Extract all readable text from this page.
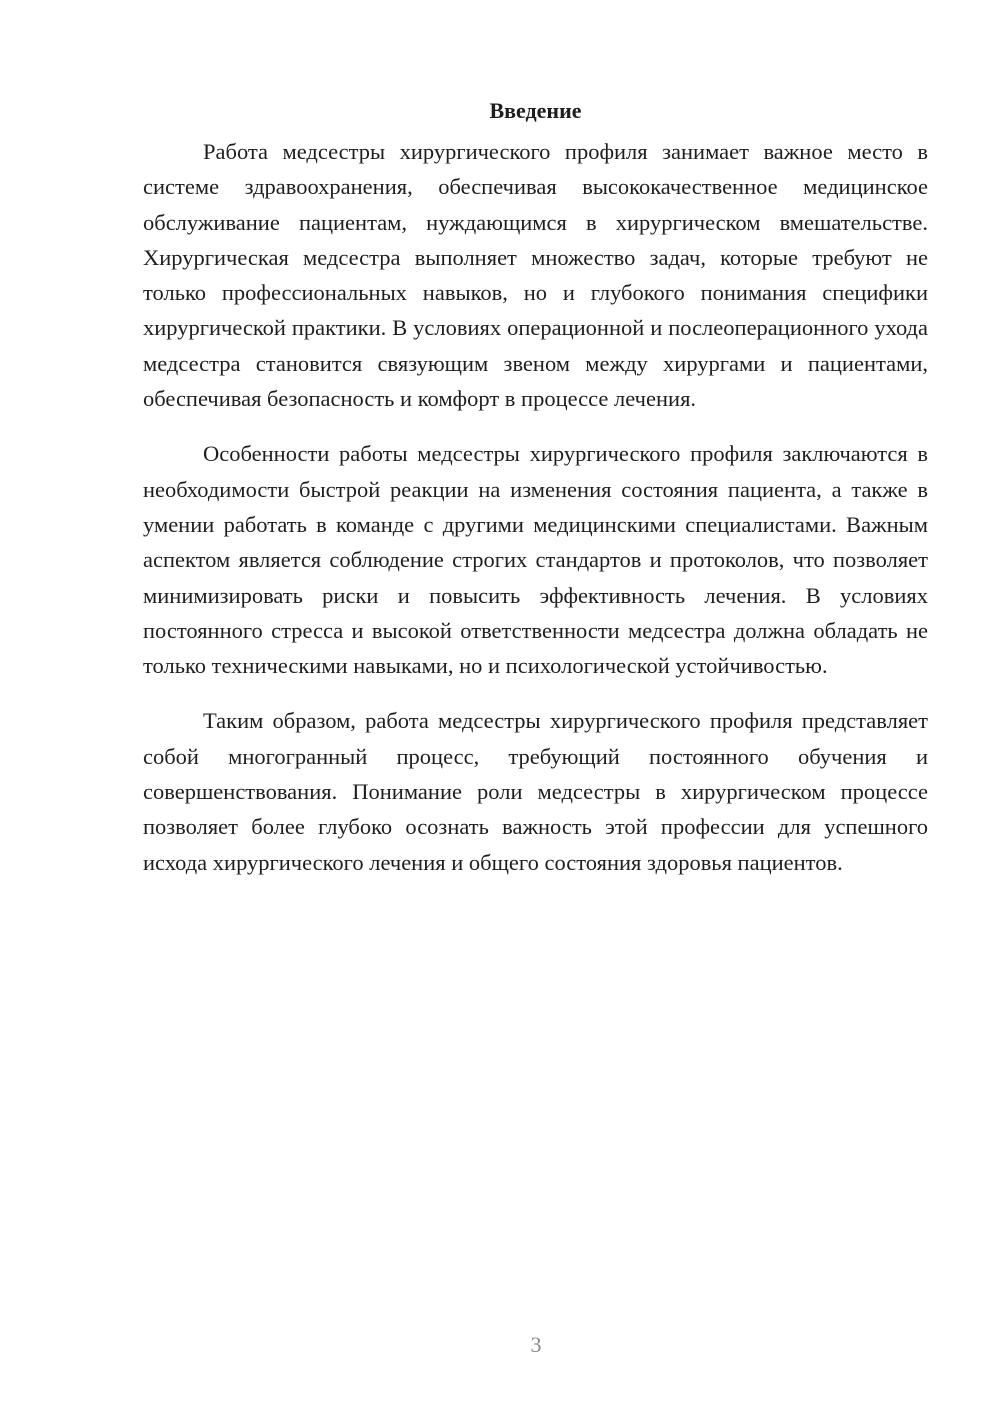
Введение

Работа медсестры хирургического профиля занимает важное место в системе здравоохранения, обеспечивая высококачественное медицинское обслуживание пациентам, нуждающимся в хирургическом вмешательстве. Хирургическая медсестра выполняет множество задач, которые требуют не только профессиональных навыков, но и глубокого понимания специфики хирургической практики. В условиях операционной и послеоперационного ухода медсестра становится связующим звеном между хирургами и пациентами, обеспечивая безопасность и комфорт в процессе лечения.

Особенности работы медсестры хирургического профиля заключаются в необходимости быстрой реакции на изменения состояния пациента, а также в умении работать в команде с другими медицинскими специалистами. Важным аспектом является соблюдение строгих стандартов и протоколов, что позволяет минимизировать риски и повысить эффективность лечения. В условиях постоянного стресса и высокой ответственности медсестра должна обладать не только техническими навыками, но и психологической устойчивостью.

Таким образом, работа медсестры хирургического профиля представляет собой многогранный процесс, требующий постоянного обучения и совершенствования. Понимание роли медсестры в хирургическом процессе позволяет более глубоко осознать важность этой профессии для успешного исхода хирургического лечения и общего состояния здоровья пациентов.

3
